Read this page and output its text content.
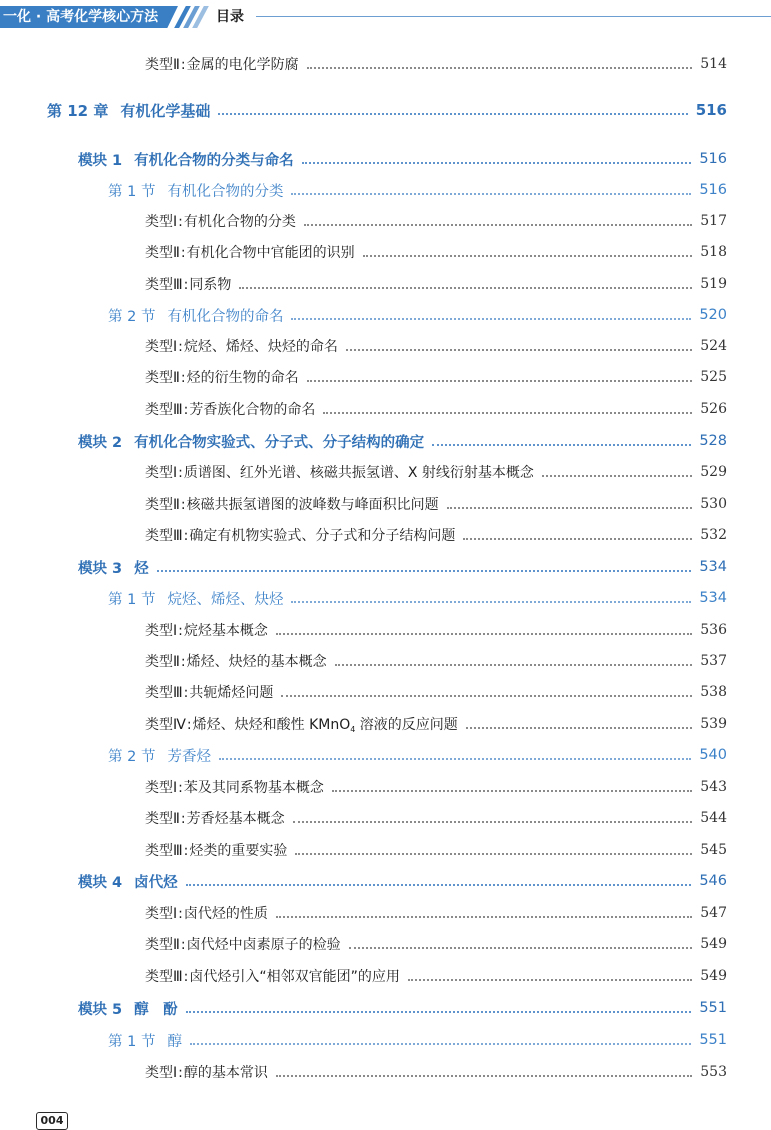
一化 · 高考化学核心方法	目录
类型Ⅱ:金属的电化学防腐	514
第 12 章 有机化学基础	516
模块 1 有机化合物的分类与命名	516
第 1 节 有机化合物的分类	516
类型Ⅰ:有机化合物的分类	517
类型Ⅱ:有机化合物中官能团的识别	518
类型Ⅲ:同系物	519
第 2 节 有机化合物的命名	520
类型Ⅰ:烷烃、烯烃、炔烃的命名	524
类型Ⅱ:烃的衍生物的命名	525
类型Ⅲ:芳香族化合物的命名	526
模块 2 有机化合物实验式、分子式、分子结构的确定	528
类型Ⅰ:质谱图、红外光谱、核磁共振氢谱、X 射线衍射基本概念	529
类型Ⅱ:核磁共振氢谱图的波峰数与峰面积比问题	530
类型Ⅲ:确定有机物实验式、分子式和分子结构问题	532
模块 3 烃	534
第 1 节 烷烃、烯烃、炔烃	534
类型Ⅰ:烷烃基本概念	536
类型Ⅱ:烯烃、炔烃的基本概念	537
类型Ⅲ:共轭烯烃问题	538
类型Ⅳ:烯烃、炔烃和酸性 KMnO$_4$ 溶液的反应问题	539
第 2 节 芳香烃	540
类型Ⅰ:苯及其同系物基本概念	543
类型Ⅱ:芳香烃基本概念	544
类型Ⅲ:烃类的重要实验	545
模块 4 卤代烃	546
类型Ⅰ:卤代烃的性质	547
类型Ⅱ:卤代烃中卤素原子的检验	549
类型Ⅲ:卤代烃引入“相邻双官能团”的应用	549
模块 5 醇　酚	551
第 1 节 醇	551
类型Ⅰ:醇的基本常识	553
004
